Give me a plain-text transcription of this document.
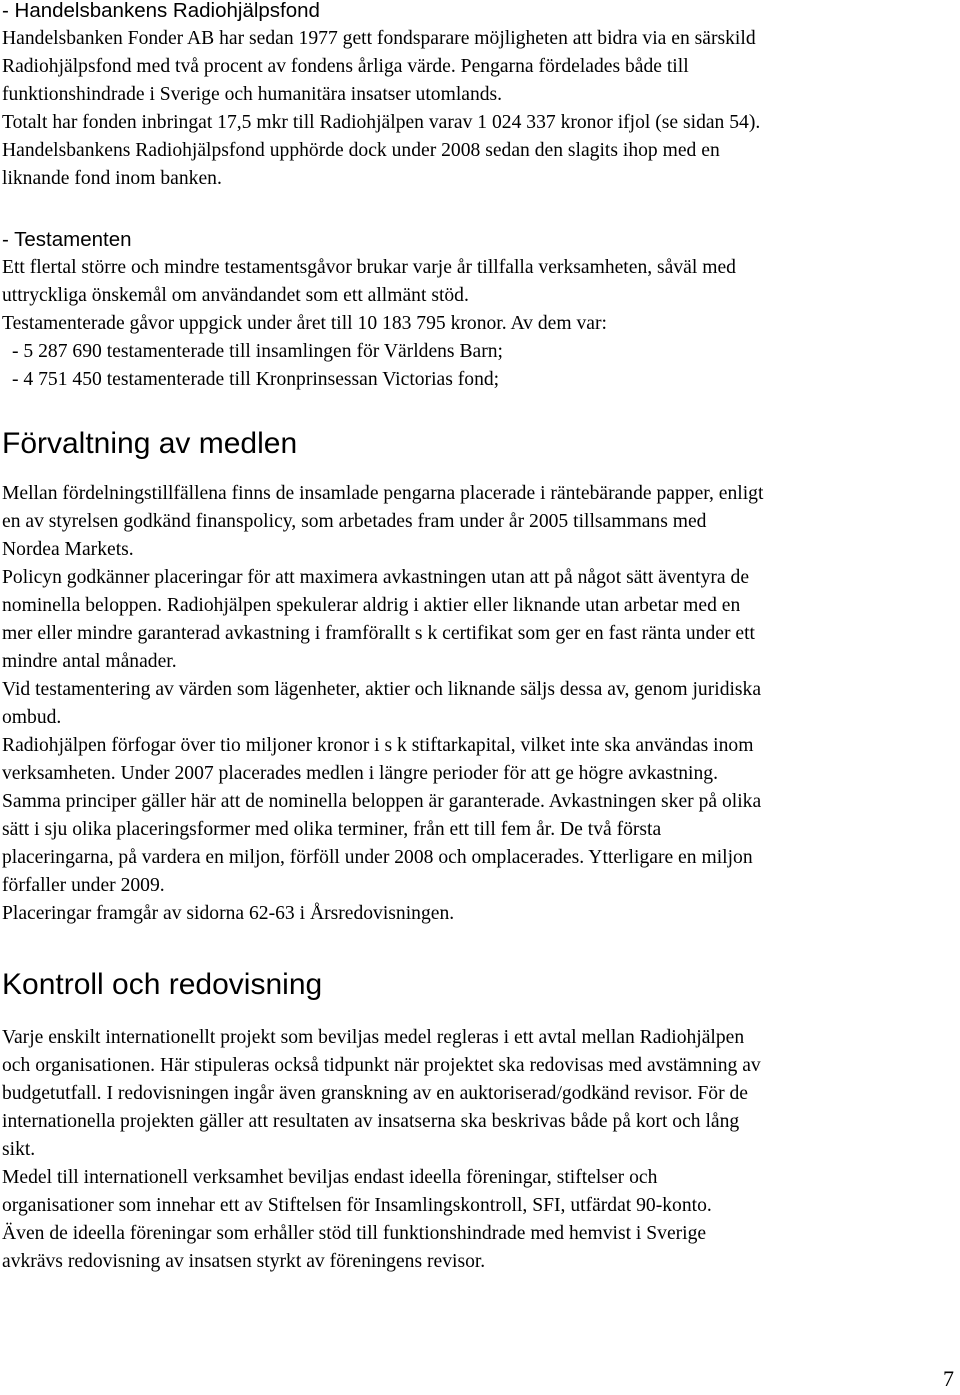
- Handelsbankens Radiohjälpsfond

Handelsbanken Fonder AB har sedan 1977 gett fondsparare möjligheten att bidra via en särskild

Radiohjälpsfond med två procent av fondens årliga värde. Pengarna fördelades både till

funktionshindrade i Sverige och humanitära insatser utomlands.

Totalt har fonden inbringat 17,5 mkr till Radiohjälpen varav 1 024 337 kronor ifjol (se sidan 54).

Handelsbankens Radiohjälpsfond upphörde dock under 2008 sedan den slagits ihop med en

liknande fond inom banken.

- Testamenten

Ett flertal större och mindre testamentsgåvor brukar varje år tillfalla verksamheten, såväl med

uttryckliga önskemål om användandet som ett allmänt stöd.

Testamenterade gåvor uppgick under året till 10 183 795 kronor. Av dem var:

- 5 287 690 testamenterade till insamlingen för Världens Barn;

- 4 751 450 testamenterade till Kronprinsessan Victorias fond;

Förvaltning av medlen

Mellan fördelningstillfällena finns de insamlade pengarna placerade i räntebärande papper, enligt

en av styrelsen godkänd finanspolicy, som arbetades fram under år 2005 tillsammans med

Nordea Markets.

Policyn godkänner placeringar för att maximera avkastningen utan att på något sätt äventyra de

nominella beloppen. Radiohjälpen spekulerar aldrig i aktier eller liknande utan arbetar med en

mer eller mindre garanterad avkastning i framförallt s k certifikat som ger en fast ränta under ett

mindre antal månader.

Vid testamentering av värden som lägenheter, aktier och liknande säljs dessa av, genom juridiska

ombud.

Radiohjälpen förfogar över tio miljoner kronor i s k stiftarkapital, vilket inte ska användas inom

verksamheten. Under 2007 placerades medlen i längre perioder för att ge högre avkastning.

Samma principer gäller här att de nominella beloppen är garanterade. Avkastningen sker på olika

sätt i sju olika placeringsformer med olika terminer, från ett till fem år. De två första

placeringarna, på vardera en miljon, förföll under 2008 och omplacerades. Ytterligare en miljon

förfaller under 2009.

Placeringar framgår av sidorna 62-63 i Årsredovisningen.

Kontroll och redovisning

Varje enskilt internationellt projekt som beviljas medel regleras i ett avtal mellan Radiohjälpen

och organisationen. Här stipuleras också tidpunkt när projektet ska redovisas med avstämning av

budgetutfall. I redovisningen ingår även granskning av en auktoriserad/godkänd revisor. För de

internationella projekten gäller att resultaten av insatserna ska beskrivas både på kort och lång

sikt.

Medel till internationell verksamhet beviljas endast ideella föreningar, stiftelser och

organisationer som innehar ett av Stiftelsen för Insamlingskontroll, SFI, utfärdat 90-konto.

Även de ideella föreningar som erhåller stöd till funktionshindrade med hemvist i Sverige

avkrävs redovisning av insatsen styrkt av föreningens revisor.

7
